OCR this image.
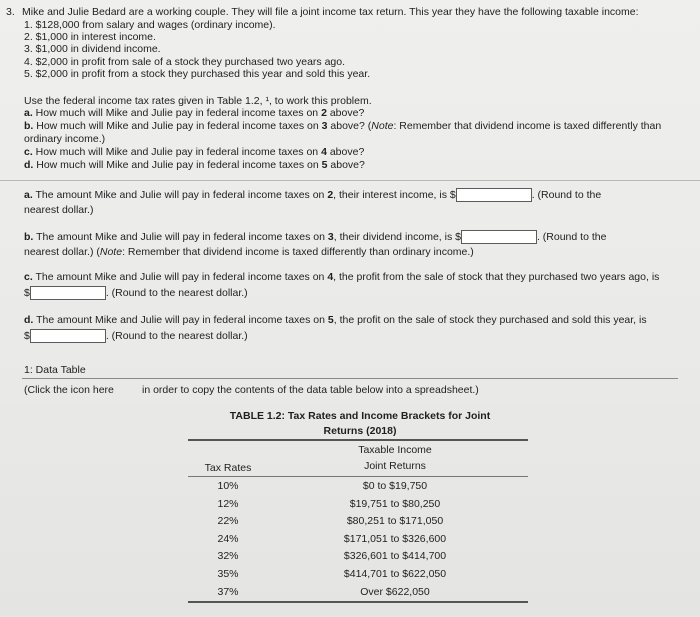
3. Mike and Julie Bedard are a working couple. They will file a joint income tax return. This year they have the following taxable income:
1. $128,000 from salary and wages (ordinary income).
2. $1,000 in interest income.
3. $1,000 in dividend income.
4. $2,000 in profit from sale of a stock they purchased two years ago.
5. $2,000 in profit from a stock they purchased this year and sold this year.
Use the federal income tax rates given in Table 1.2, ¹, to work this problem.
a. How much will Mike and Julie pay in federal income taxes on 2 above?
b. How much will Mike and Julie pay in federal income taxes on 3 above? (Note: Remember that dividend income is taxed differently than
ordinary income.)
c. How much will Mike and Julie pay in federal income taxes on 4 above?
d. How much will Mike and Julie pay in federal income taxes on 5 above?
a. The amount Mike and Julie will pay in federal income taxes on 2, their interest income, is $	. (Round to the
nearest dollar.)
b. The amount Mike and Julie will pay in federal income taxes on 3, their dividend income, is $	. (Round to the
nearest dollar.) (Note: Remember that dividend income is taxed differently than ordinary income.)
c. The amount Mike and Julie will pay in federal income taxes on 4, the profit from the sale of stock that they purchased two years ago, is
$	. (Round to the nearest dollar.)
d. The amount Mike and Julie will pay in federal income taxes on 5, the profit on the sale of stock they purchased and sold this year, is
$	. (Round to the nearest dollar.)
1: Data Table
(Click the icon here	in order to copy the contents of the data table below into a spreadsheet.)
TABLE 1.2: Tax Rates and Income Brackets for Joint
Returns (2018)
Taxable Income
Joint Returns
Tax Rates
10%	$0 to $19,750
12%	$19,751 to $80,250
22%	$80,251 to $171,050
24%	$171,051 to $326,600
32%	$326,601 to $414,700
35%	$414,701 to $622,050
37%	Over $622,050
